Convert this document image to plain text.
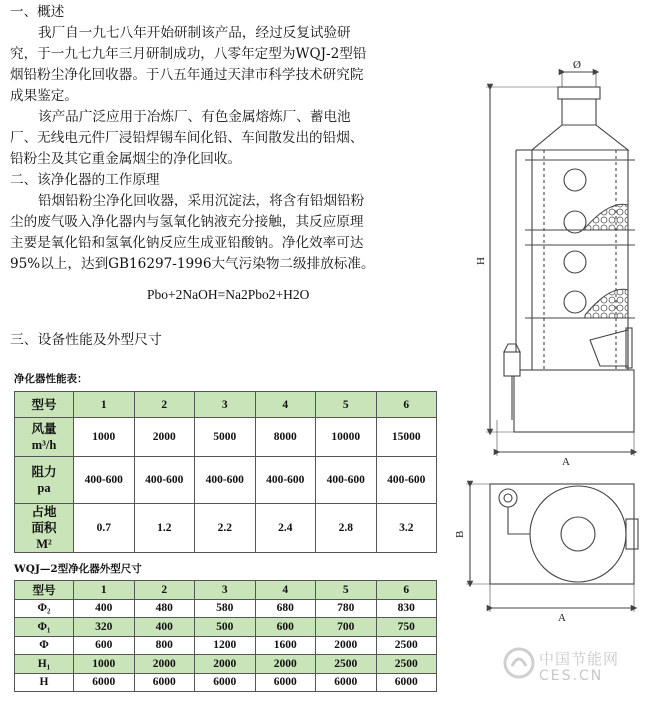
一、概述

我厂自一九七八年开始研制该产品，经过反复试验研

究，于一九七九年三月研制成功，八零年定型为WQJ-2型铅

烟铅粉尘净化回收器。于八五年通过天津市科学技术研究院

成果鉴定。

该产品广泛应用于冶炼厂、有色金属熔炼厂、蓄电池

厂、无线电元件厂浸铅焊锡车间化铅、车间散发出的铅烟、

铅粉尘及其它重金属烟尘的净化回收。

二、该净化器的工作原理

铅烟铅粉尘净化回收器，采用沉淀法，将含有铅烟铅粉

尘的废气吸入净化器内与氢氧化钠液充分接触，其反应原理

主要是氧化铅和氢氧化钠反应生成亚铅酸钠。净化效率可达

95%以上，达到GB16297-1996大气污染物二级排放标准。

Pbo+2NaOH=Na2Pbo2+H2O
三、设备性能及外型尺寸
净化器性能表：
型号	1	2	3	4	5	6
风量
m³/h	1000	2000	5000	8000	10000	15000
阻力
pa	400-600	400-600	400-600	400-600	400-600	400-600
占地
面积
M²	0.7	1.2	2.2	2.4	2.8	3.2
WQJ—2型净化器外型尺寸
型号	1	2	3	4	5	6
Φ₂	400	480	580	680	780	830
Φ₁	320	400	500	600	700	750
Φ	600	800	1200	1600	2000	2500
H₁	1000	2000	2000	2000	2500	2500
H	6000	6000	6000	6000	6000	6000
Ø
H
A
B
A
中国节能网
CES.CN
